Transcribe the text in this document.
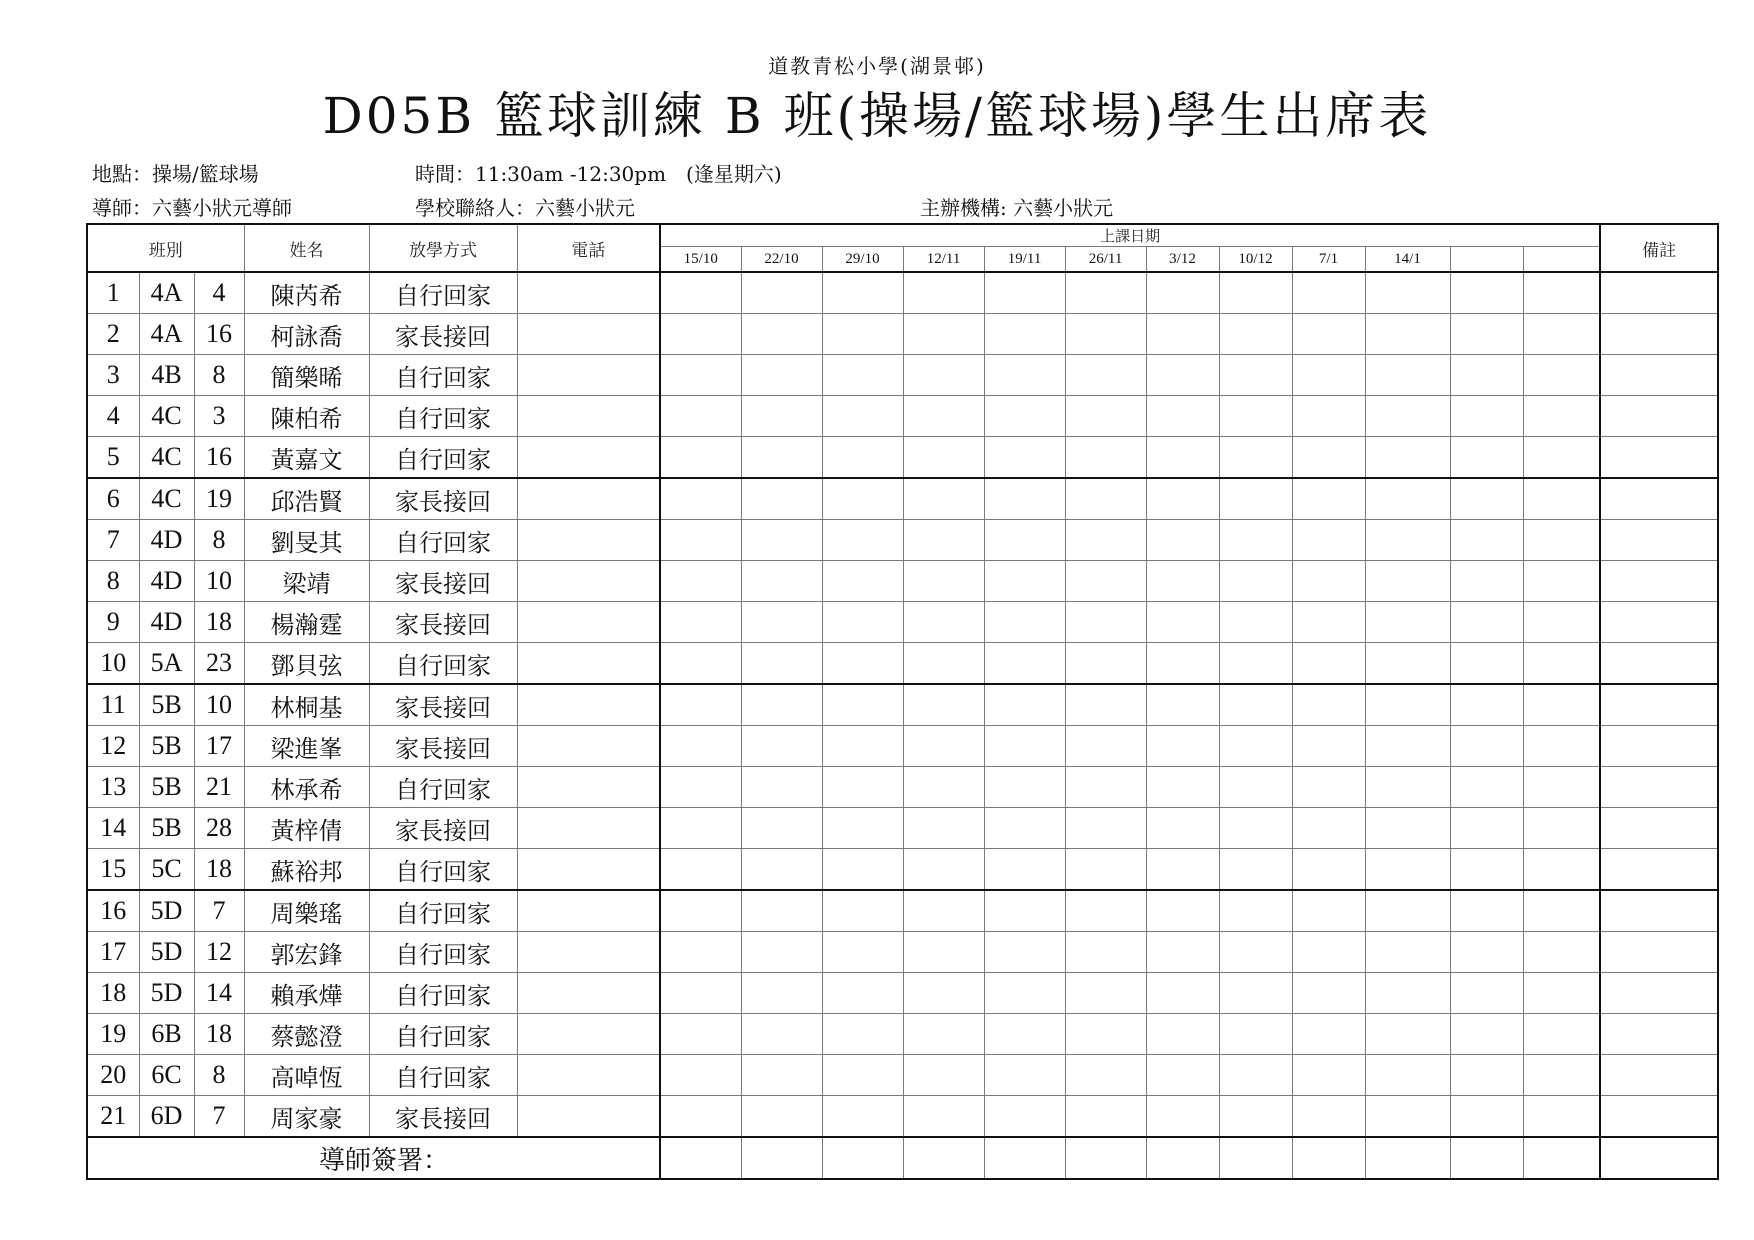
道教青松小學(湖景邨)
D05B 籃球訓練 B 班(操場/籃球場)學生出席表
地點：操場/籃球場	時間：11:30am -12:30pm　(逢星期六)
導師：六藝小狀元導師	學校聯絡人：六藝小狀元	主辦機構: 六藝小狀元
班別			姓名	放學方式	電話	上課日期												備註
						15/10	22/10	29/10	12/11	19/11	26/11	3/12	10/12	7/1	14/1			
1	4A	4	陳芮希	自行回家														
2	4A	16	柯詠喬	家長接回														
3	4B	8	簡樂晞	自行回家														
4	4C	3	陳柏希	自行回家														
5	4C	16	黃嘉文	自行回家														
6	4C	19	邱浩賢	家長接回														
7	4D	8	劉旻其	自行回家														
8	4D	10	梁靖	家長接回														
9	4D	18	楊瀚霆	家長接回														
10	5A	23	鄧貝弦	自行回家														
11	5B	10	林桐基	家長接回														
12	5B	17	梁進峯	家長接回														
13	5B	21	林承希	自行回家														
14	5B	28	黃梓倩	家長接回														
15	5C	18	蘇裕邦	自行回家														
16	5D	7	周樂瑤	自行回家														
17	5D	12	郭宏鋒	自行回家														
18	5D	14	賴承燁	自行回家														
19	6B	18	蔡懿澄	自行回家														
20	6C	8	高啅恆	自行回家														
21	6D	7	周家豪	家長接回														
導師簽署：																		
